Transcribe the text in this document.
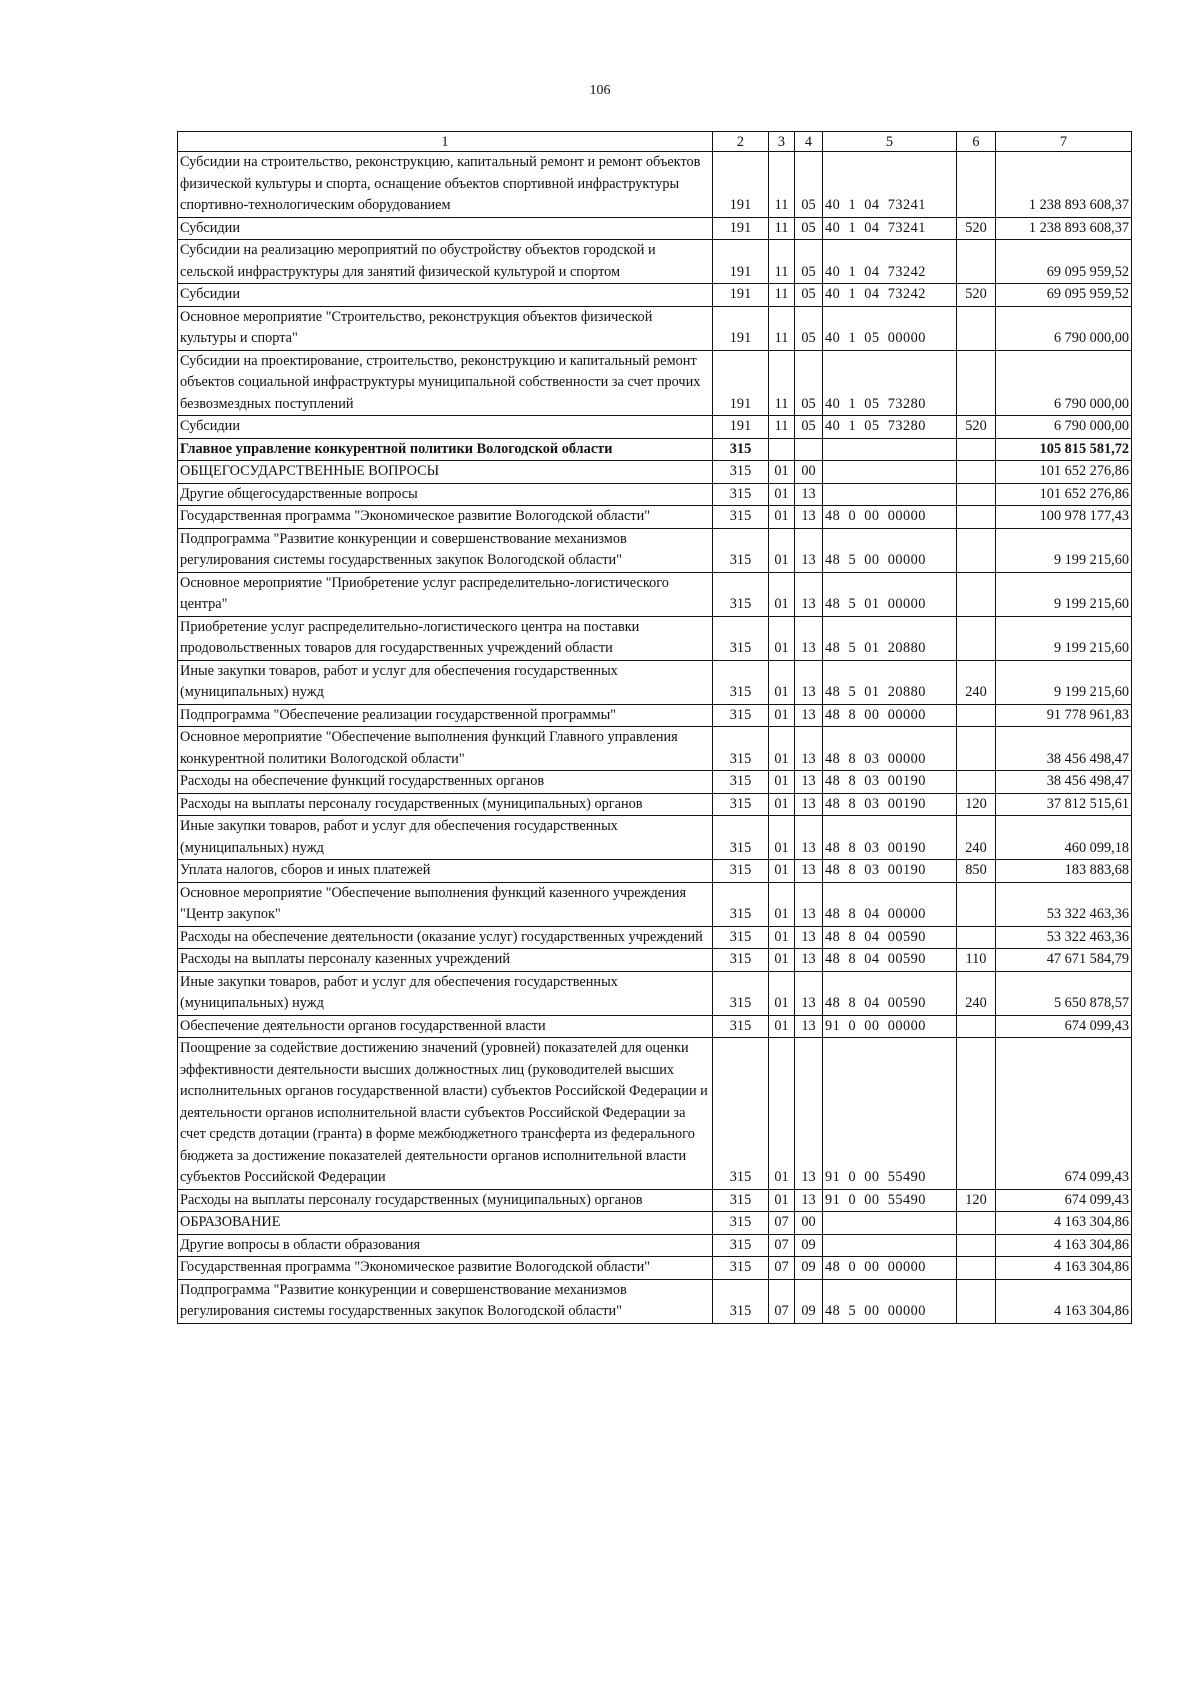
106
1	2	3	4	5	6	7
Субсидии на строительство, реконструкцию, капитальный ремонт и ремонт объектов физической культуры и спорта, оснащение объектов спортивной инфраструктуры спортивно-технологическим оборудованием	191	11	05	40  1  04  73241		1 238 893 608,37
Субсидии	191	11	05	40  1  04  73241	520	1 238 893 608,37
Субсидии на реализацию мероприятий по обустройству объектов городской и сельской инфраструктуры для занятий физической культурой и спортом	191	11	05	40  1  04  73242		69 095 959,52
Субсидии	191	11	05	40  1  04  73242	520	69 095 959,52
Основное мероприятие "Строительство, реконструкция объектов физической культуры и спорта"	191	11	05	40  1  05  00000		6 790 000,00
Субсидии на проектирование, строительство, реконструкцию и капитальный ремонт объектов социальной инфраструктуры муниципальной собственности за счет прочих безвозмездных поступлений	191	11	05	40  1  05  73280		6 790 000,00
Субсидии	191	11	05	40  1  05  73280	520	6 790 000,00
Главное управление конкурентной политики Вологодской области	315					105 815 581,72
ОБЩЕГОСУДАРСТВЕННЫЕ ВОПРОСЫ	315	01	00			101 652 276,86
Другие общегосударственные вопросы	315	01	13			101 652 276,86
Государственная программа "Экономическое развитие Вологодской области"	315	01	13	48  0  00  00000		100 978 177,43
Подпрограмма "Развитие конкуренции и совершенствование механизмов регулирования системы государственных закупок Вологодской области"	315	01	13	48  5  00  00000		9 199 215,60
Основное мероприятие "Приобретение услуг распределительно-логистического центра"	315	01	13	48  5  01  00000		9 199 215,60
Приобретение услуг распределительно-логистического центра на поставки продовольственных товаров для государственных учреждений области	315	01	13	48  5  01  20880		9 199 215,60
Иные закупки товаров, работ и услуг для обеспечения государственных (муниципальных) нужд	315	01	13	48  5  01  20880	240	9 199 215,60
Подпрограмма "Обеспечение реализации государственной программы"	315	01	13	48  8  00  00000		91 778 961,83
Основное мероприятие "Обеспечение выполнения функций Главного управления конкурентной политики Вологодской области"	315	01	13	48  8  03  00000		38 456 498,47
Расходы на обеспечение функций государственных органов	315	01	13	48  8  03  00190		38 456 498,47
Расходы на выплаты персоналу государственных (муниципальных) органов	315	01	13	48  8  03  00190	120	37 812 515,61
Иные закупки товаров, работ и услуг для обеспечения государственных (муниципальных) нужд	315	01	13	48  8  03  00190	240	460 099,18
Уплата налогов, сборов и иных платежей	315	01	13	48  8  03  00190	850	183 883,68
Основное мероприятие "Обеспечение выполнения функций казенного учреждения "Центр закупок"	315	01	13	48  8  04  00000		53 322 463,36
Расходы на обеспечение деятельности (оказание услуг) государственных учреждений	315	01	13	48  8  04  00590		53 322 463,36
Расходы на выплаты персоналу казенных учреждений	315	01	13	48  8  04  00590	110	47 671 584,79
Иные закупки товаров, работ и услуг для обеспечения государственных (муниципальных) нужд	315	01	13	48  8  04  00590	240	5 650 878,57
Обеспечение деятельности органов государственной власти	315	01	13	91  0  00  00000		674 099,43
Поощрение за содействие достижению значений (уровней) показателей для оценки эффективности деятельности высших должностных лиц (руководителей высших исполнительных органов государственной власти) субъектов Российской Федерации и деятельности органов исполнительной власти субъектов Российской Федерации за счет средств дотации (гранта) в форме межбюджетного трансферта из федерального бюджета за достижение показателей деятельности органов исполнительной власти субъектов Российской Федерации	315	01	13	91  0  00  55490		674 099,43
Расходы на выплаты персоналу государственных (муниципальных) органов	315	01	13	91  0  00  55490	120	674 099,43
ОБРАЗОВАНИЕ	315	07	00			4 163 304,86
Другие вопросы в области образования	315	07	09			4 163 304,86
Государственная программа "Экономическое развитие Вологодской области"	315	07	09	48  0  00  00000		4 163 304,86
Подпрограмма "Развитие конкуренции и совершенствование механизмов регулирования системы государственных закупок Вологодской области"	315	07	09	48  5  00  00000		4 163 304,86
